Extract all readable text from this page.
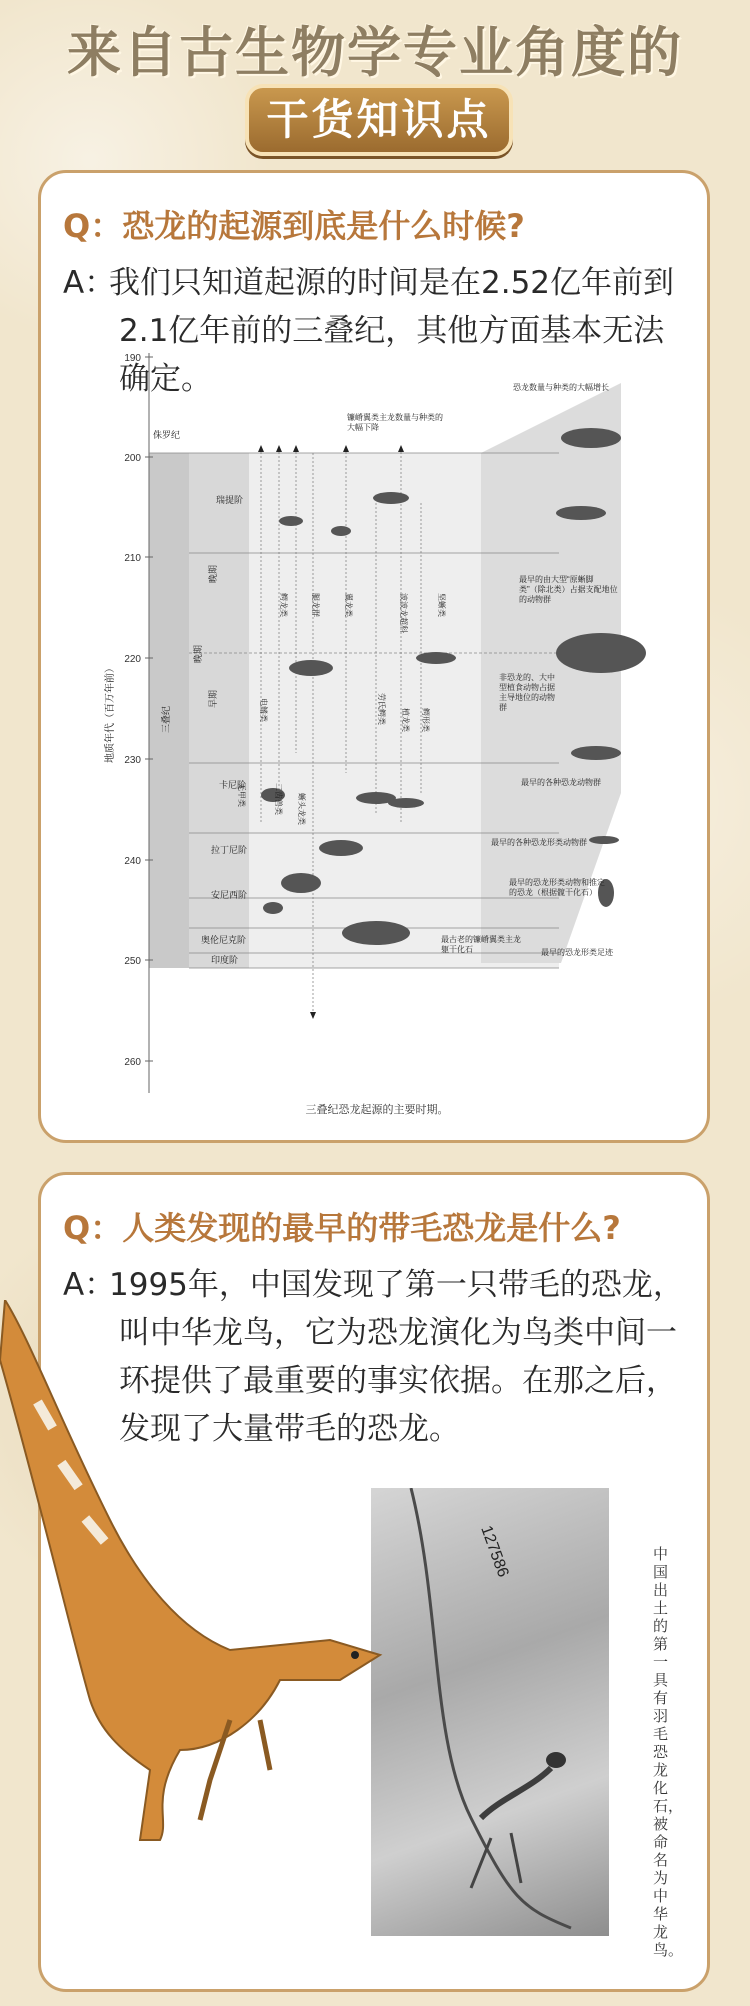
来自古生物学专业角度的
干货知识点
Q：恐龙的起源到底是什么时候?
A：
我们只知道起源的时间是在2.52亿年前到2.1亿年前的三叠纪，其他方面基本无法确定。
地质年代（百万年前）
190
200
210
220
230
240
250
260
侏罗纪
三叠纪
晚期
晚期
早期
瑞提阶
卡尼阶
拉丁尼阶
安尼西阶
奥伦尼克阶
印度阶
鳄龙类	腿龙群	翼龙类	波波龙超科	坚蜥类
劳氏鳄类 植龙类 鳄形类
电鳍类
无甲类	二齿兽类 蜥头龙类
镰嵴翼类主龙数量与种类的大幅下降
恐龙数量与种类的大幅增长
最早的由大型“原蜥脚类”（除北类）占据支配地位的动物群
非恐龙的、大中型植食动物占据主导地位的动物群
最早的各种恐龙动物群
最早的各种恐龙形类动物群
最早的恐龙形类动物和推定的恐龙（根据髋干化石）
最古老的镰嵴翼类主龙躯干化石	最早的恐龙形类足迹
三叠纪恐龙起源的主要时期。
Q：人类发现的最早的带毛恐龙是什么?
A：
1995年，中国发现了第一只带毛的恐龙，叫中华龙鸟，它为恐龙演化为鸟类中间一环提供了最重要的事实依据。在那之后，发现了大量带毛的恐龙。
127586	中国出土的第一具有羽毛恐龙化石，被命名为中华龙鸟。
